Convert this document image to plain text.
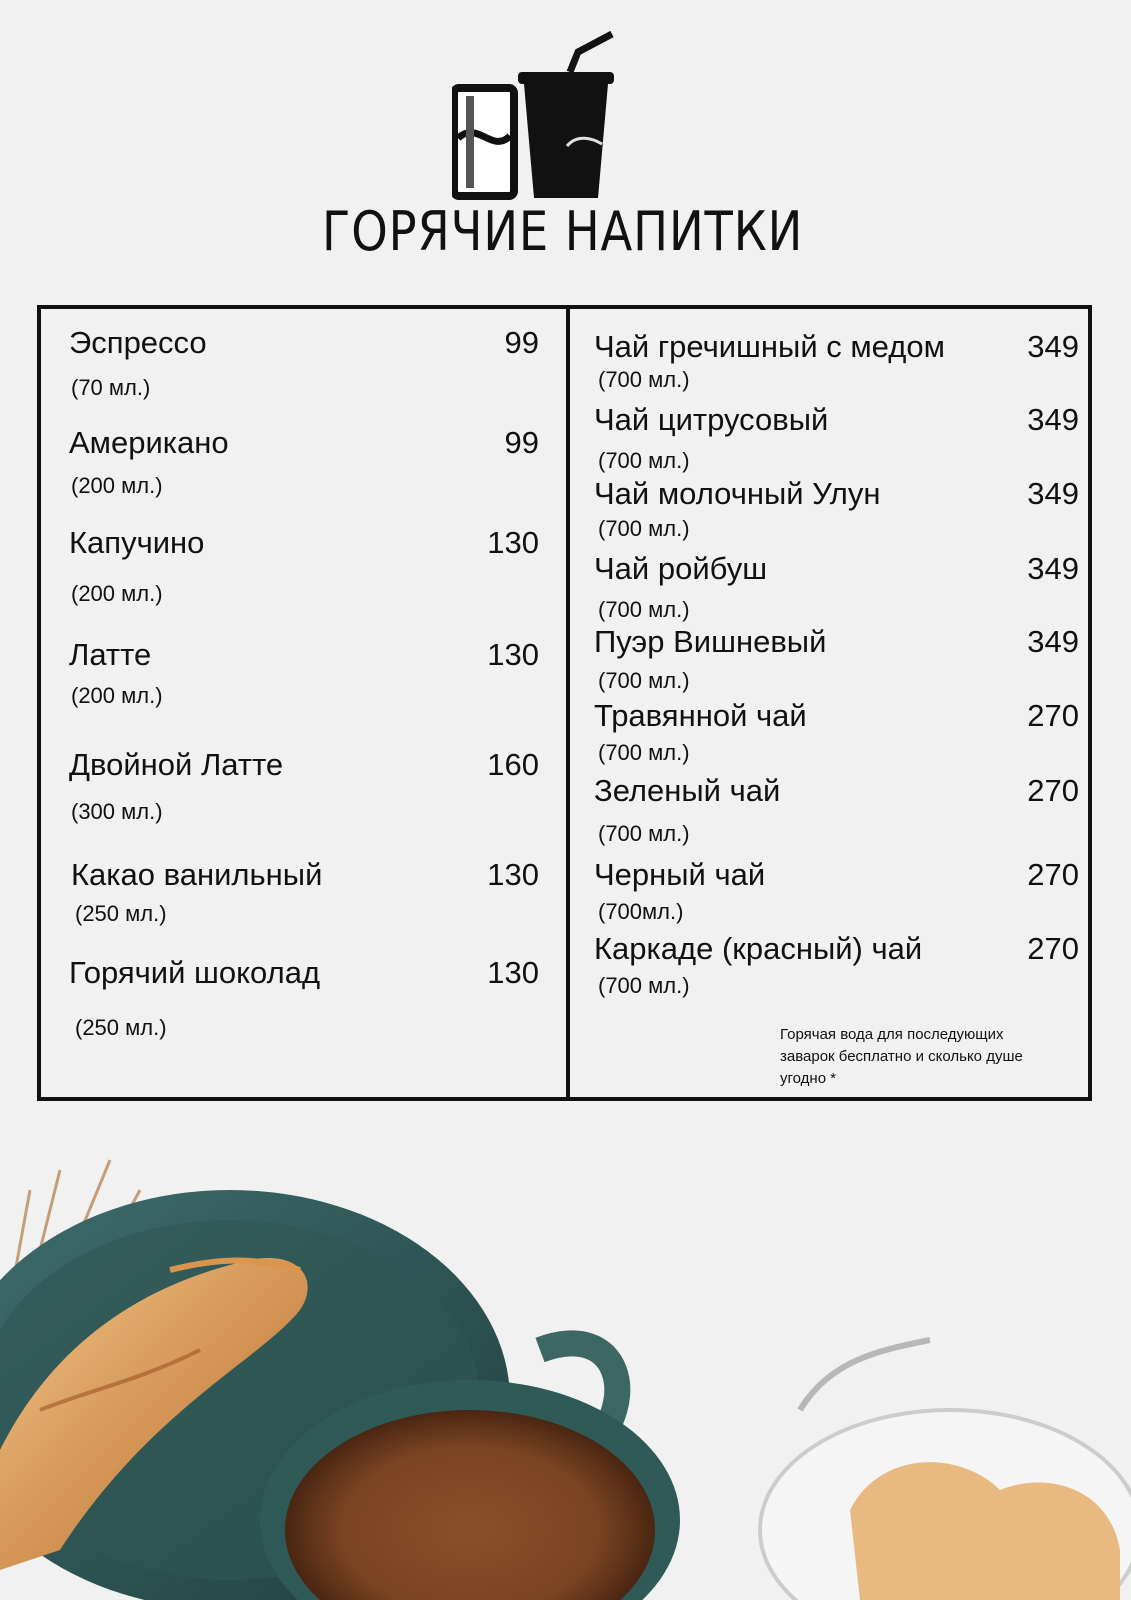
ГОРЯЧИЕ НАПИТКИ
Эспрессо	99
(70 мл.)
Американо	99
(200 мл.)
Капучино	130
(200 мл.)
Латте	130
(200 мл.)
Двойной Латте	160
(300 мл.)
Какао ванильный	130
(250 мл.)
Горячий шоколад	130
(250 мл.)
Чай гречишный с медом	349
(700 мл.)
Чай цитрусовый	349
(700 мл.)
Чай молочный Улун	349
(700 мл.)
Чай ройбуш	349
(700 мл.)
Пуэр Вишневый	349
(700 мл.)
Травянной чай	270
(700 мл.)
Зеленый чай	270
(700 мл.)
Черный чай	270
(700мл.)
Каркаде (красный) чай	270
(700 мл.)
Горячая вода для последующих
заварок бесплатно и сколько душе
угодно *
